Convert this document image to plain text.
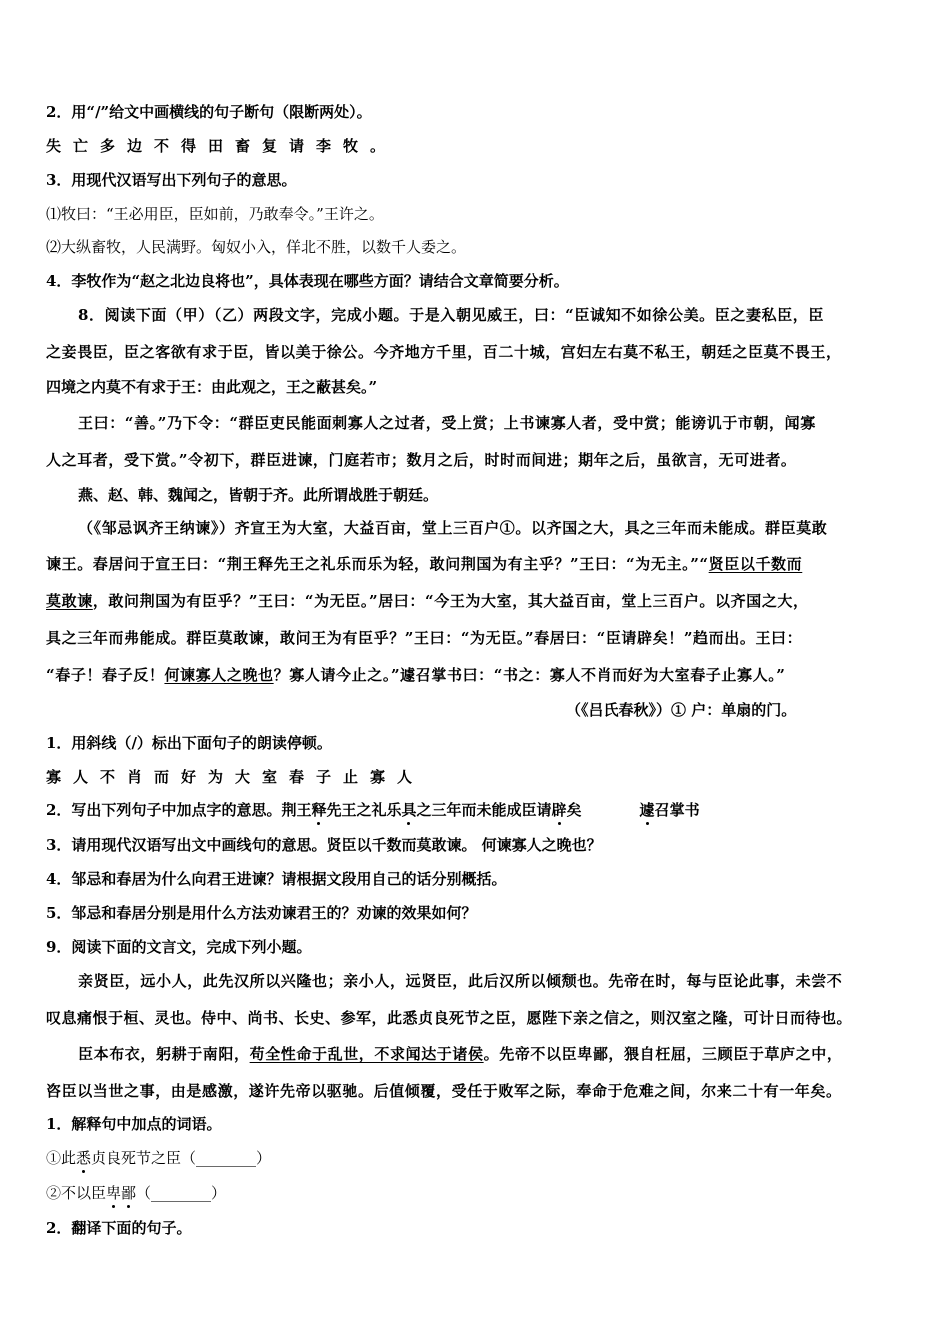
2．用“/”给文中画横线的句子断句（限断两处）。
失亡多边不得田畜复请李牧。
3．用现代汉语写出下列句子的意思。
⑴牧曰：“王必用臣，臣如前，乃敢奉令。”王许之。
⑵大纵畜牧，人民满野。匈奴小入，佯北不胜，以数千人委之。
4．李牧作为“赵之北边良将也”，具体表现在哪些方面？请结合文章简要分析。
8．阅读下面（甲）（乙）两段文字，完成小题。于是入朝见威王，曰：“臣诚知不如徐公美。臣之妻私臣，臣
之妾畏臣，臣之客欲有求于臣，皆以美于徐公。今齐地方千里，百二十城，宫妇左右莫不私王，朝廷之臣莫不畏王，
四境之内莫不有求于王：由此观之，王之蔽甚矣。”
王曰：“善。”乃下令：“群臣吏民能面刺寡人之过者，受上赏；上书谏寡人者，受中赏；能谤讥于市朝，闻寡
人之耳者，受下赏。”令初下，群臣进谏，门庭若市；数月之后，时时而间进；期年之后，虽欲言，无可进者。
燕、赵、韩、魏闻之，皆朝于齐。此所谓战胜于朝廷。
（《邹忌讽齐王纳谏》）齐宣王为大室，大益百亩，堂上三百户①。以齐国之大，具之三年而未能成。群臣莫敢
谏王。春居问于宣王曰：“荆王释先王之礼乐而乐为轻，敢问荆国为有主乎？”王曰：“为无主。”“贤臣以千数而
莫敢谏，敢问荆国为有臣乎？”王曰：“为无臣。”居曰：“今王为大室，其大益百亩，堂上三百户。以齐国之大，
具之三年而弗能成。群臣莫敢谏，敢问王为有臣乎？”王曰：“为无臣。”春居曰：“臣请辟矣！”趋而出。王曰：
“春子！春子反！何谏寡人之晚也？寡人请今止之。”遽召掌书曰：“书之：寡人不肖而好为大室春子止寡人。”
（《吕氏春秋》）① 户：单扇的门。
1．用斜线（/）标出下面句子的朗读停顿。
寡人不肖而好为大室春子止寡人
2．写出下列句子中加点字的意思。荆王释先王之礼乐具之三年而未能成臣请辟矣	遽召掌书
3．请用现代汉语写出文中画线句的意思。贤臣以千数而莫敢谏。 何谏寡人之晚也？
4．邹忌和春居为什么向君王进谏？请根据文段用自己的话分别概括。
5．邹忌和春居分别是用什么方法劝谏君王的？劝谏的效果如何？
9．阅读下面的文言文，完成下列小题。
亲贤臣，远小人，此先汉所以兴隆也；亲小人，远贤臣，此后汉所以倾颓也。先帝在时，每与臣论此事，未尝不
叹息痛恨于桓、灵也。侍中、尚书、长史、参军，此悉贞良死节之臣，愿陛下亲之信之，则汉室之隆，可计日而待也。
臣本布衣，躬耕于南阳，苟全性命于乱世，不求闻达于诸侯。先帝不以臣卑鄙，猥自枉屈，三顾臣于草庐之中，
咨臣以当世之事，由是感激，遂许先帝以驱驰。后值倾覆，受任于败军之际，奉命于危难之间，尔来二十有一年矣。
1．解释句中加点的词语。
①此悉贞良死节之臣（________）
②不以臣卑鄙（________）
2．翻译下面的句子。
